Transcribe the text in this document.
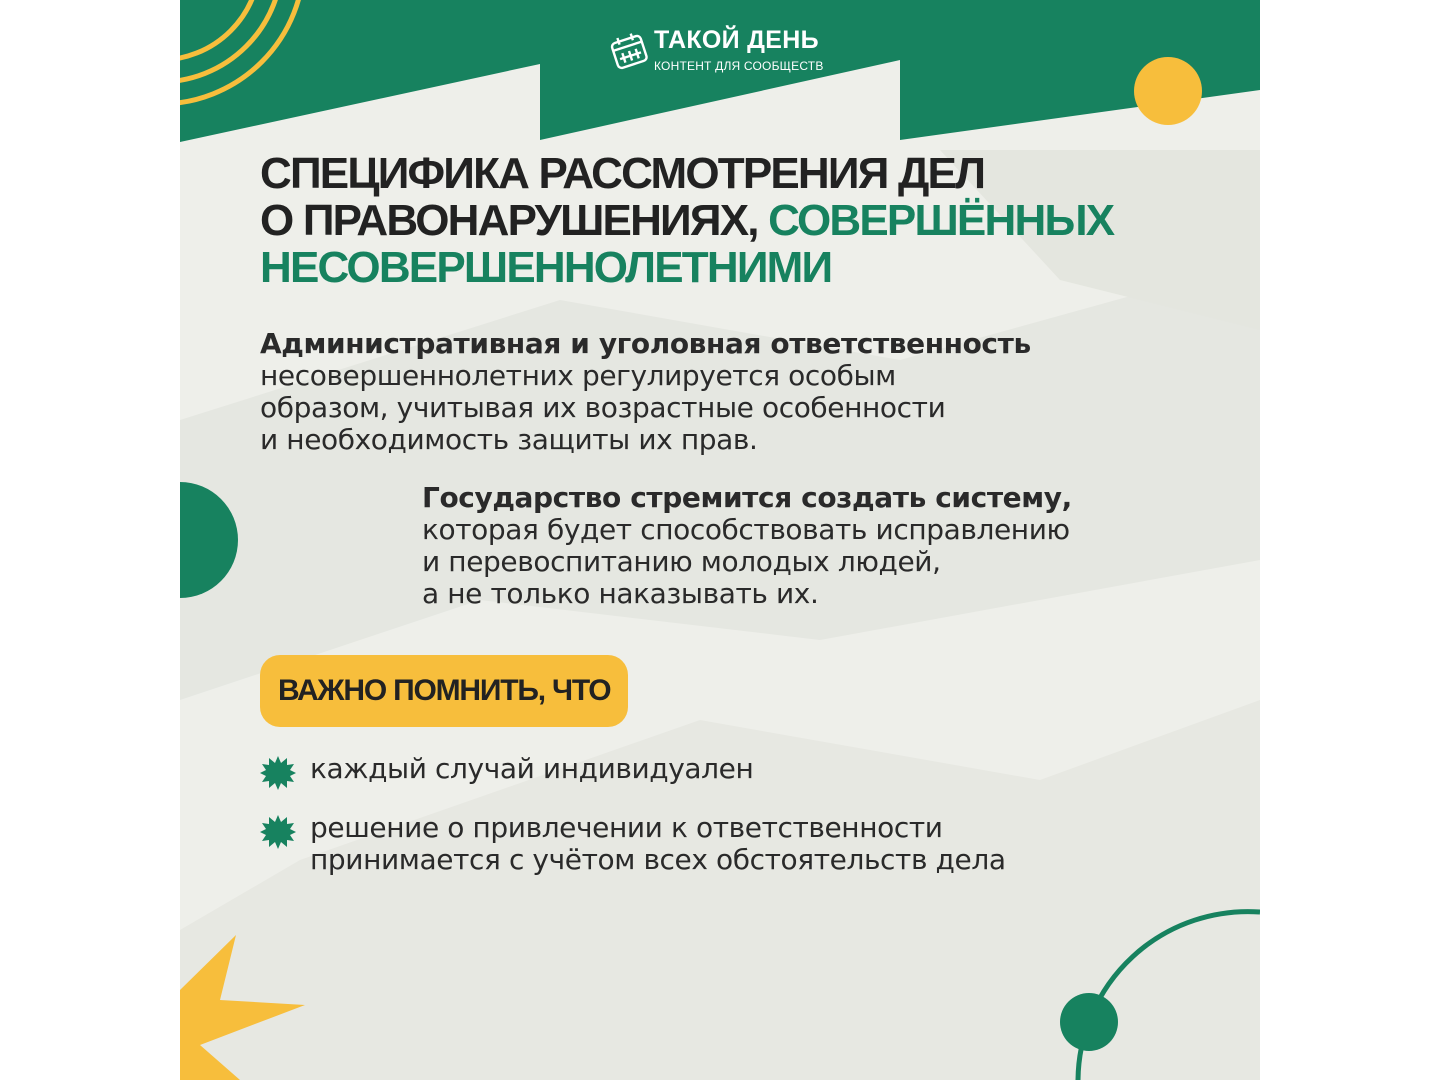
ТАКОЙ ДЕНЬ
КОНТЕНТ ДЛЯ СООБЩЕСТВ
СПЕЦИФИКА РАССМОТРЕНИЯ ДЕЛ
О ПРАВОНАРУШЕНИЯХ, СОВЕРШЁННЫХ
НЕСОВЕРШЕННОЛЕТНИМИ
Административная и уголовная ответственность
несовершеннолетних регулируется особым
образом, учитывая их возрастные особенности
и необходимость защиты их прав.
Государство стремится создать систему,
которая будет способствовать исправлению
и перевоспитанию молодых людей,
а не только наказывать их.
ВАЖНО ПОМНИТЬ, ЧТО
каждый случай индивидуален
решение о привлечении к ответственности
принимается с учётом всех обстоятельств дела
